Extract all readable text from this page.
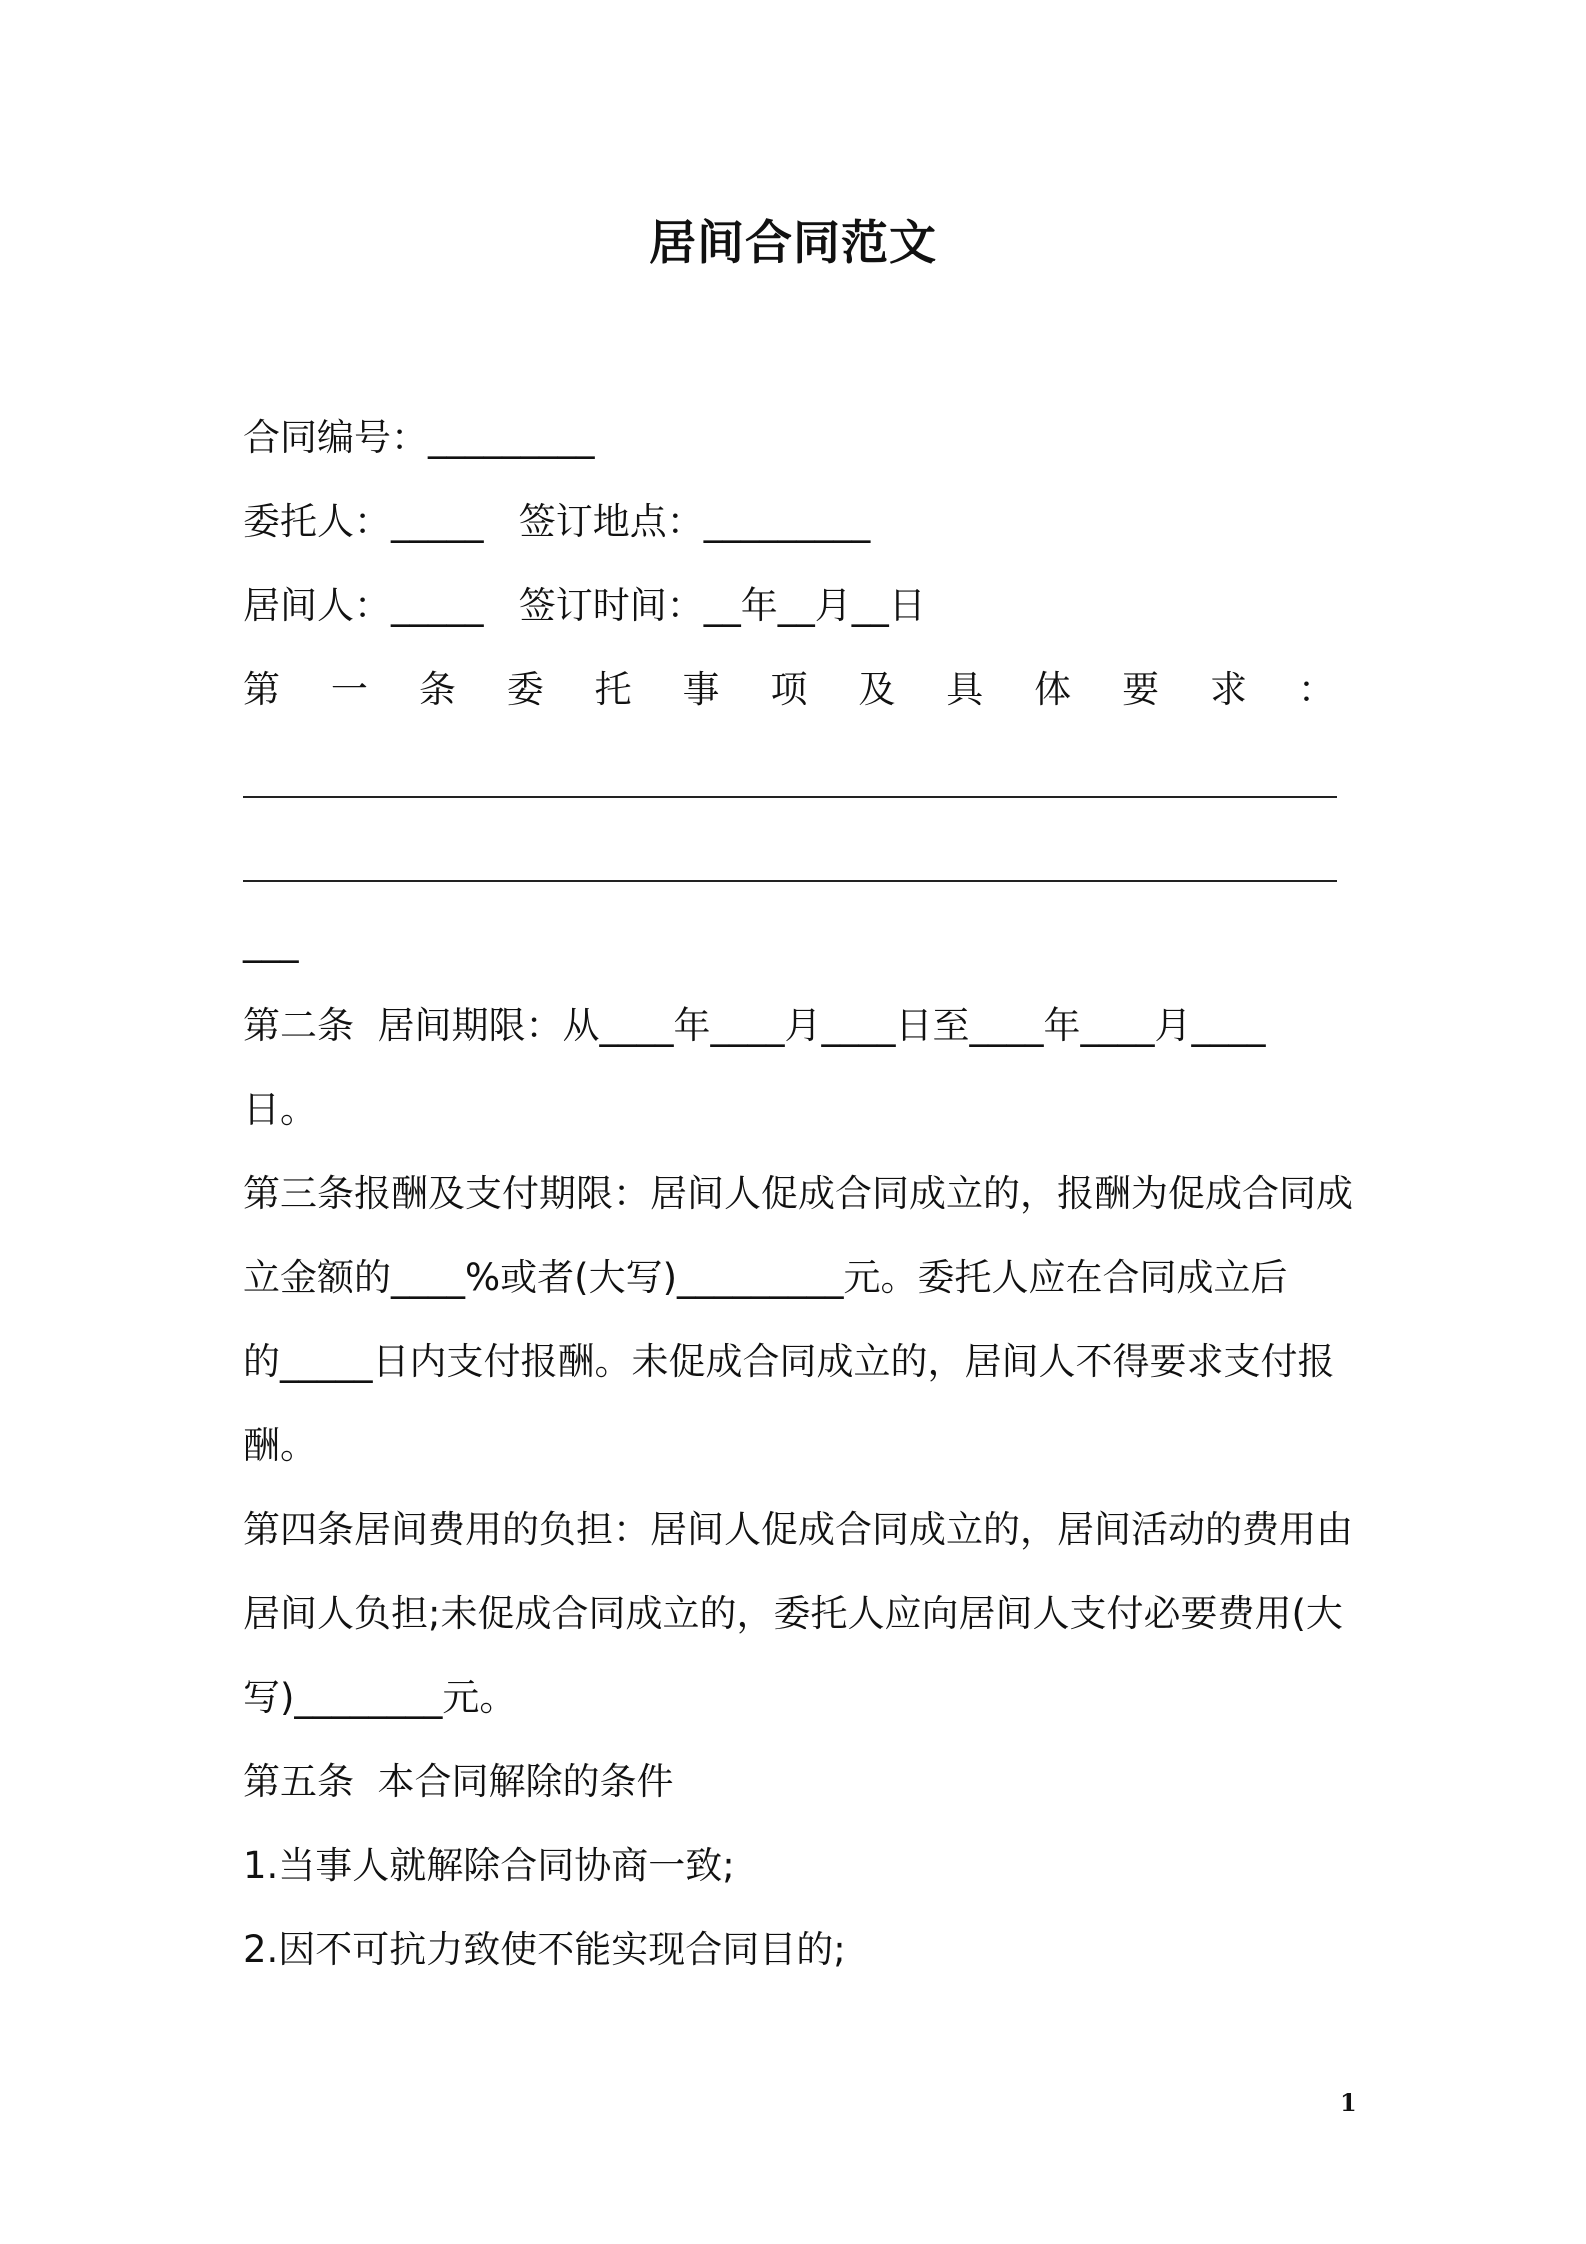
居间合同范文
合同编号：_________
委托人：_____   签订地点：_________
居间人：_____   签订时间：__年__月__日
第 一 条 委 托 事 项 及 具 体 要 求 ：
___
第二条  居间期限：从____年____月____日至____年____月____
日。
第三条报酬及支付期限：居间人促成合同成立的，报酬为促成合同成
立金额的____%或者(大写)_________元。委托人应在合同成立后
的_____日内支付报酬。未促成合同成立的，居间人不得要求支付报
酬。
第四条居间费用的负担：居间人促成合同成立的，居间活动的费用由
居间人负担;未促成合同成立的，委托人应向居间人支付必要费用(大
写)________元。
第五条  本合同解除的条件
1.当事人就解除合同协商一致;
2.因不可抗力致使不能实现合同目的;
1
